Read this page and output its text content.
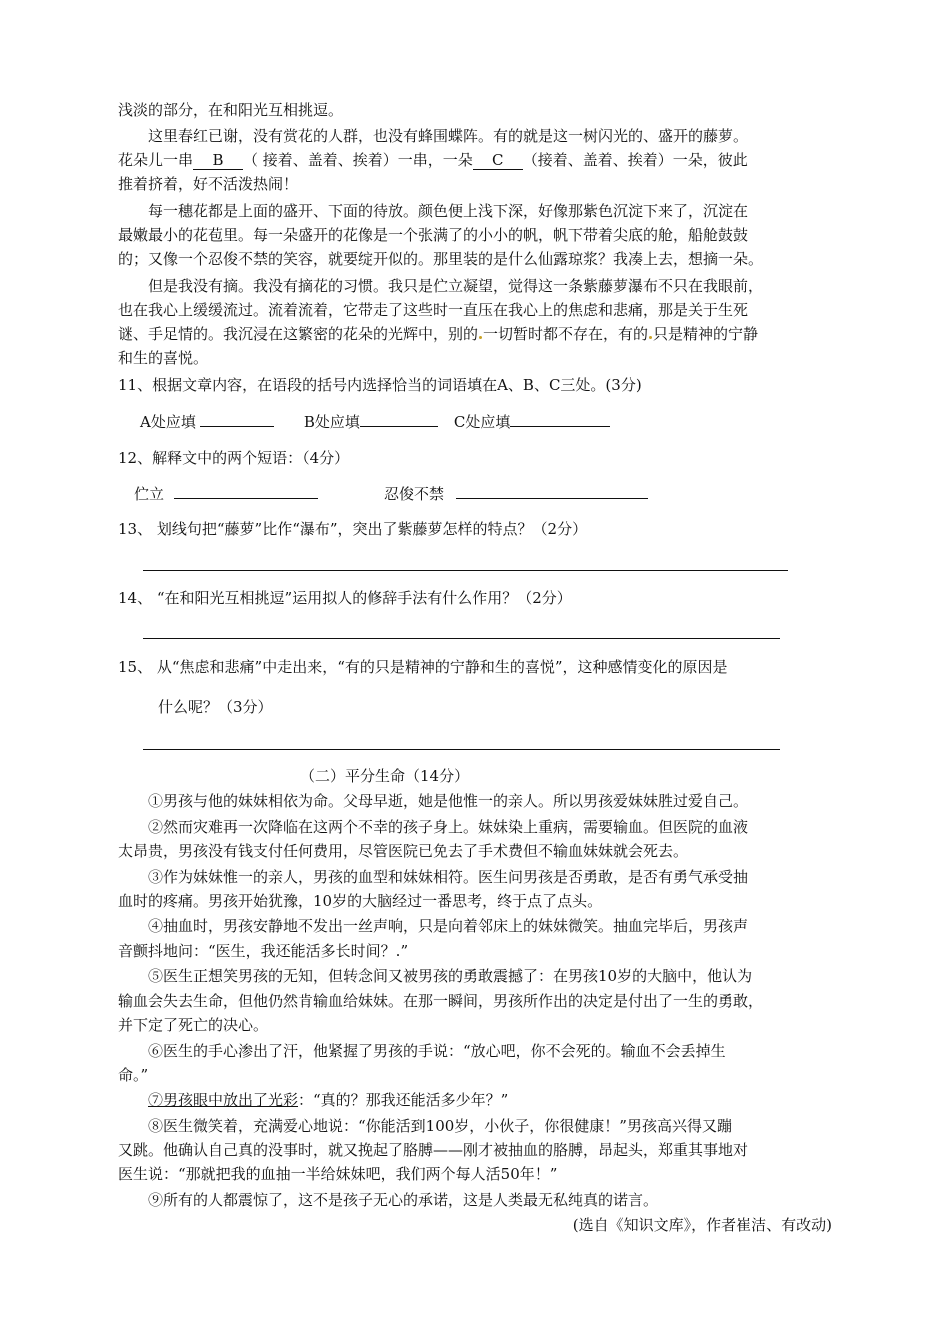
浅淡的部分，在和阳光互相挑逗。
这里春红已谢，没有赏花的人群，也没有蜂围蝶阵。有的就是这一树闪光的、盛开的藤萝。
花朵儿一串 B （ 接着、盖着、挨着）一串，一朵 C （接着、盖着、挨着）一朵，彼此
推着挤着，好不活泼热闹！
每一穗花都是上面的盛开、下面的待放。颜色便上浅下深，好像那紫色沉淀下来了，沉淀在
最嫩最小的花苞里。每一朵盛开的花像是一个张满了的小小的帆，帆下带着尖底的舱，船舱鼓鼓
的；又像一个忍俊不禁的笑容，就要绽开似的。那里装的是什么仙露琼浆？我凑上去，想摘一朵。
但是我没有摘。我没有摘花的习惯。我只是伫立凝望，觉得这一条紫藤萝瀑布不只在我眼前，
也在我心上缓缓流过。流着流着，它带走了这些时一直压在我心上的焦虑和悲痛，那是关于生死
谜、手足情的。我沉浸在这繁密的花朵的光辉中，别的 一切暂时都不存在，有的 只是精神的宁静
和生的喜悦。
11、根据文章内容，在语段的括号内选择恰当的词语填在A、B、C三处。(3分)
A处应填	B处应填	C处应填
12、解释文中的两个短语：（4分）
伫立	忍俊不禁
13、 划线句把“藤萝”比作“瀑布”，突出了紫藤萝怎样的特点？（2分）
14、 “在和阳光互相挑逗”运用拟人的修辞手法有什么作用？（2分）
15、 从“焦虑和悲痛”中走出来，“有的只是精神的宁静和生的喜悦”，这种感情变化的原因是
什么呢？（3分）
（二）平分生命（14分）
①男孩与他的妹妹相依为命。父母早逝，她是他惟一的亲人。所以男孩爱妹妹胜过爱自己。
②然而灾难再一次降临在这两个不幸的孩子身上。妹妹染上重病，需要输血。但医院的血液
太昂贵，男孩没有钱支付任何费用，尽管医院已免去了手术费但不输血妹妹就会死去。
③作为妹妹惟一的亲人，男孩的血型和妹妹相符。医生问男孩是否勇敢，是否有勇气承受抽
血时的疼痛。男孩开始犹豫，10岁的大脑经过一番思考，终于点了点头。
④抽血时，男孩安静地不发出一丝声响，只是向着邻床上的妹妹微笑。抽血完毕后，男孩声
音颤抖地问：“医生，我还能活多长时间？.”
⑤医生正想笑男孩的无知，但转念间又被男孩的勇敢震撼了：在男孩10岁的大脑中，他认为
输血会失去生命，但他仍然肯输血给妹妹。在那一瞬间，男孩所作出的决定是付出了一生的勇敢，
并下定了死亡的决心。
⑥医生的手心渗出了汗，他紧握了男孩的手说：“放心吧，你不会死的。输血不会丢掉生
命。”
⑦男孩眼中放出了光彩：“真的？那我还能活多少年？”
⑧医生微笑着，充满爱心地说：“你能活到100岁，小伙子，你很健康！”男孩高兴得又蹦
又跳。他确认自己真的没事时，就又挽起了胳膊——刚才被抽血的胳膊，昂起头，郑重其事地对
医生说：“那就把我的血抽一半给妹妹吧，我们两个每人活50年！”
⑨所有的人都震惊了，这不是孩子无心的承诺，这是人类最无私纯真的诺言。
(选自《知识文库》，作者崔洁、有改动)
